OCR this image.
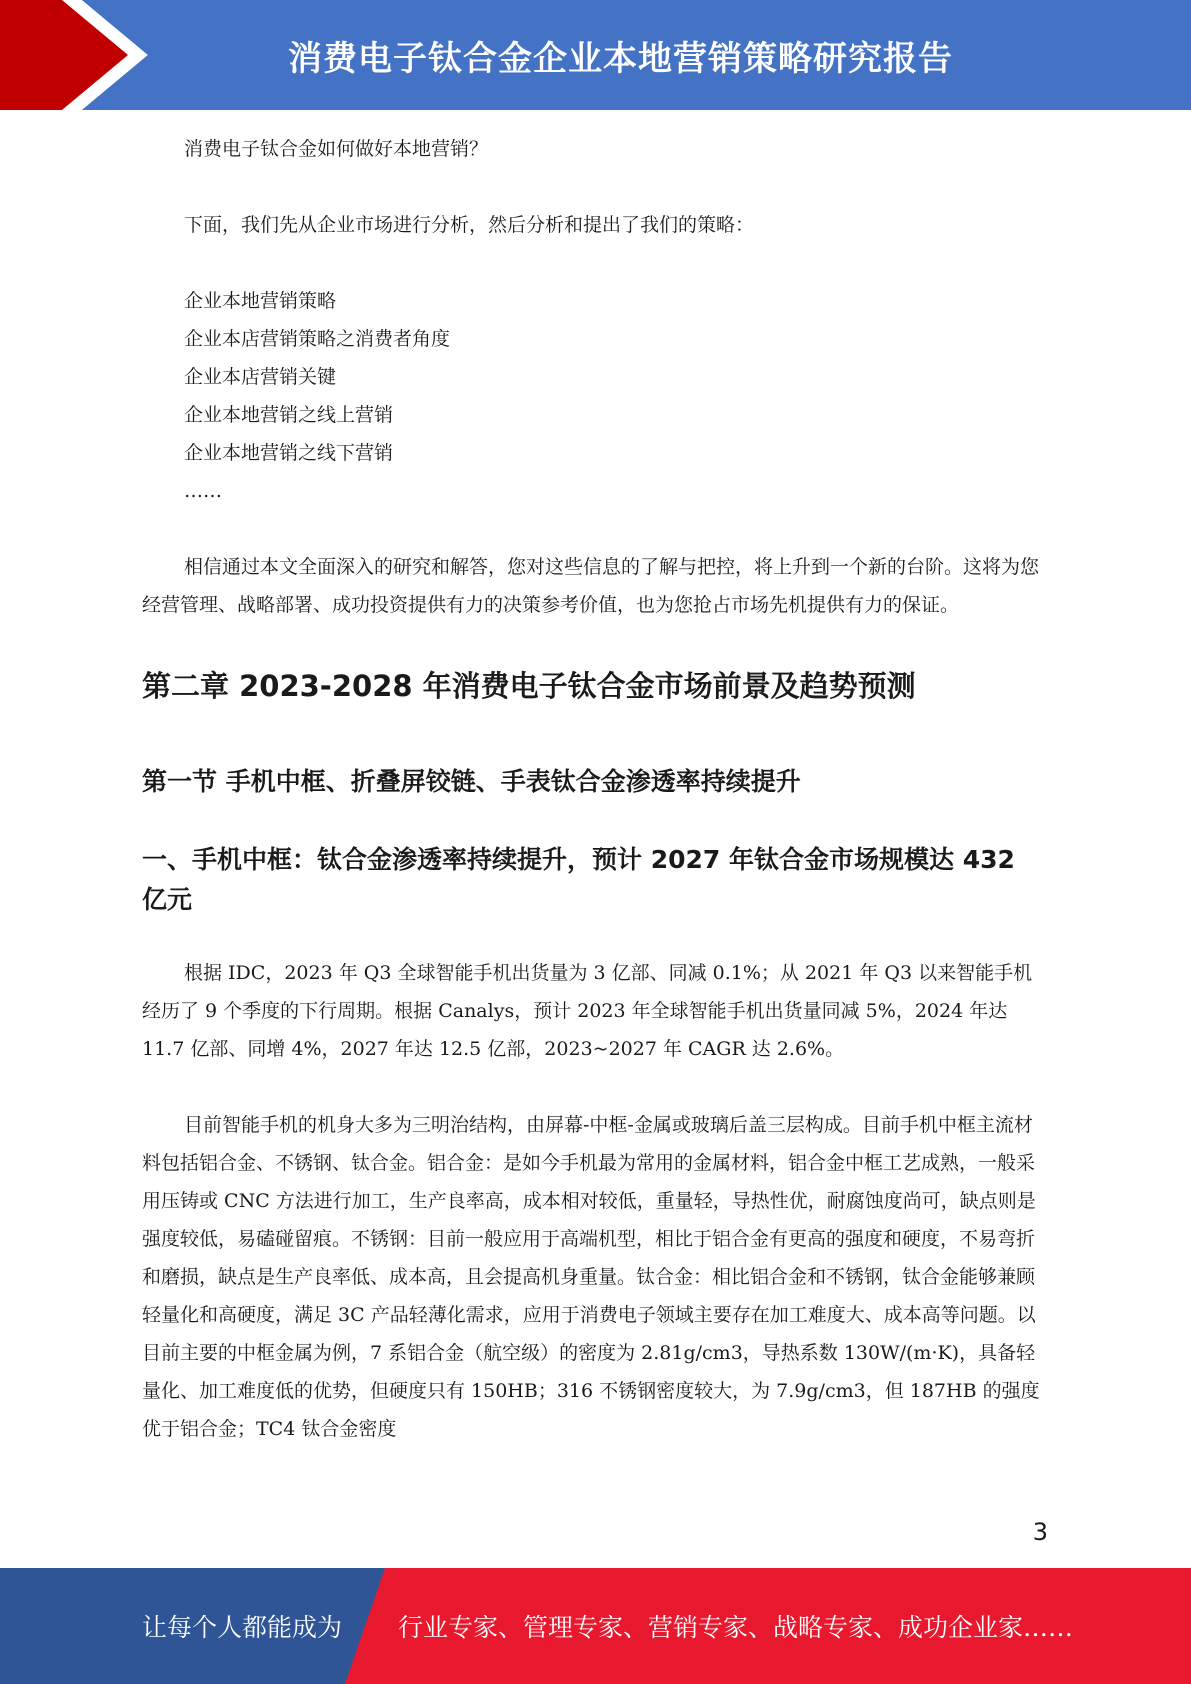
消费电子钛合金企业本地营销策略研究报告

消费电子钛合金如何做好本地营销？

下面，我们先从企业市场进行分析，然后分析和提出了我们的策略：

企业本地营销策略

企业本店营销策略之消费者角度

企业本店营销关键

企业本地营销之线上营销

企业本地营销之线下营销

……

相信通过本文全面深入的研究和解答，您对这些信息的了解与把控，将上升到一个新的台阶。这将为您经营管理、战略部署、成功投资提供有力的决策参考价值，也为您抢占市场先机提供有力的保证。

第二章 2023-2028 年消费电子钛合金市场前景及趋势预测
第一节 手机中框、折叠屏铰链、手表钛合金渗透率持续提升
一、手机中框：钛合金渗透率持续提升，预计 2027 年钛合金市场规模达 432 亿元

根据 IDC，2023 年 Q3 全球智能手机出货量为 3 亿部、同减 0.1%；从 2021 年 Q3 以来智能手机经历了 9 个季度的下行周期。根据 Canalys，预计 2023 年全球智能手机出货量同减 5%，2024 年达 11.7 亿部、同增 4%，2027 年达 12.5 亿部，2023~2027 年 CAGR 达 2.6%。

目前智能手机的机身大多为三明治结构，由屏幕-中框-金属或玻璃后盖三层构成。目前手机中框主流材料包括铝合金、不锈钢、钛合金。铝合金：是如今手机最为常用的金属材料，铝合金中框工艺成熟，一般采用压铸或 CNC 方法进行加工，生产良率高，成本相对较低，重量轻，导热性优，耐腐蚀度尚可，缺点则是强度较低，易磕碰留痕。不锈钢：目前一般应用于高端机型，相比于铝合金有更高的强度和硬度，不易弯折和磨损，缺点是生产良率低、成本高，且会提高机身重量。钛合金：相比铝合金和不锈钢，钛合金能够兼顾轻量化和高硬度，满足 3C 产品轻薄化需求，应用于消费电子领域主要存在加工难度大、成本高等问题。以目前主要的中框金属为例，7 系铝合金（航空级）的密度为 2.81g/cm3，导热系数 130W/(m·K)，具备轻量化、加工难度低的优势，但硬度只有 150HB；316 不锈钢密度较大，为 7.9g/cm3，但 187HB 的强度优于铝合金；TC4 钛合金密度

3
让每个人都能成为 行业专家、管理专家、营销专家、战略专家、成功企业家……
